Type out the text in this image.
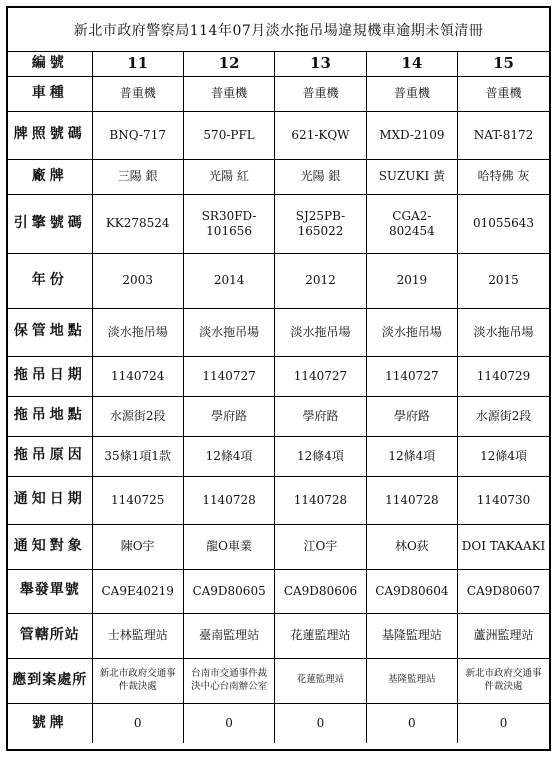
新北市政府警察局114年07月淡水拖吊場違規機車逾期未領清冊
編號	11	12	13	14	15
車種	普重機	普重機	普重機	普重機	普重機
牌照號碼	BNQ-717	570-PFL	621-KQW	MXD-2109	NAT-8172
廠牌	三陽 銀	光陽 紅	光陽 銀	SUZUKI 黃	哈特佛 灰
引擎號碼	KK278524	SR30FD-101656	SJ25PB-165022	CGA2-802454	01055643
年份	2003	2014	2012	2019	2015
保管地點	淡水拖吊場	淡水拖吊場	淡水拖吊場	淡水拖吊場	淡水拖吊場
拖吊日期	1140724	1140727	1140727	1140727	1140729
拖吊地點	水源街2段	學府路	學府路	學府路	水源街2段
拖吊原因	35條1項1款	12條4項	12條4項	12條4項	12條4項
通知日期	1140725	1140728	1140728	1140728	1140730
通知對象	陳O宇	龍O車業	江O宇	林O荻	DOI TAKAAKI
舉發單號	CA9E40219	CA9D80605	CA9D80606	CA9D80604	CA9D80607
管轄所站	士林監理站	臺南監理站	花蓮監理站	基隆監理站	蘆洲監理站
應到案處所	新北市政府交通事件裁決處	台南市交通事件裁決中心台南辦公室	花蓮監理站	基隆監理站	新北市政府交通事件裁決處
號牌	0	0	0	0	0
